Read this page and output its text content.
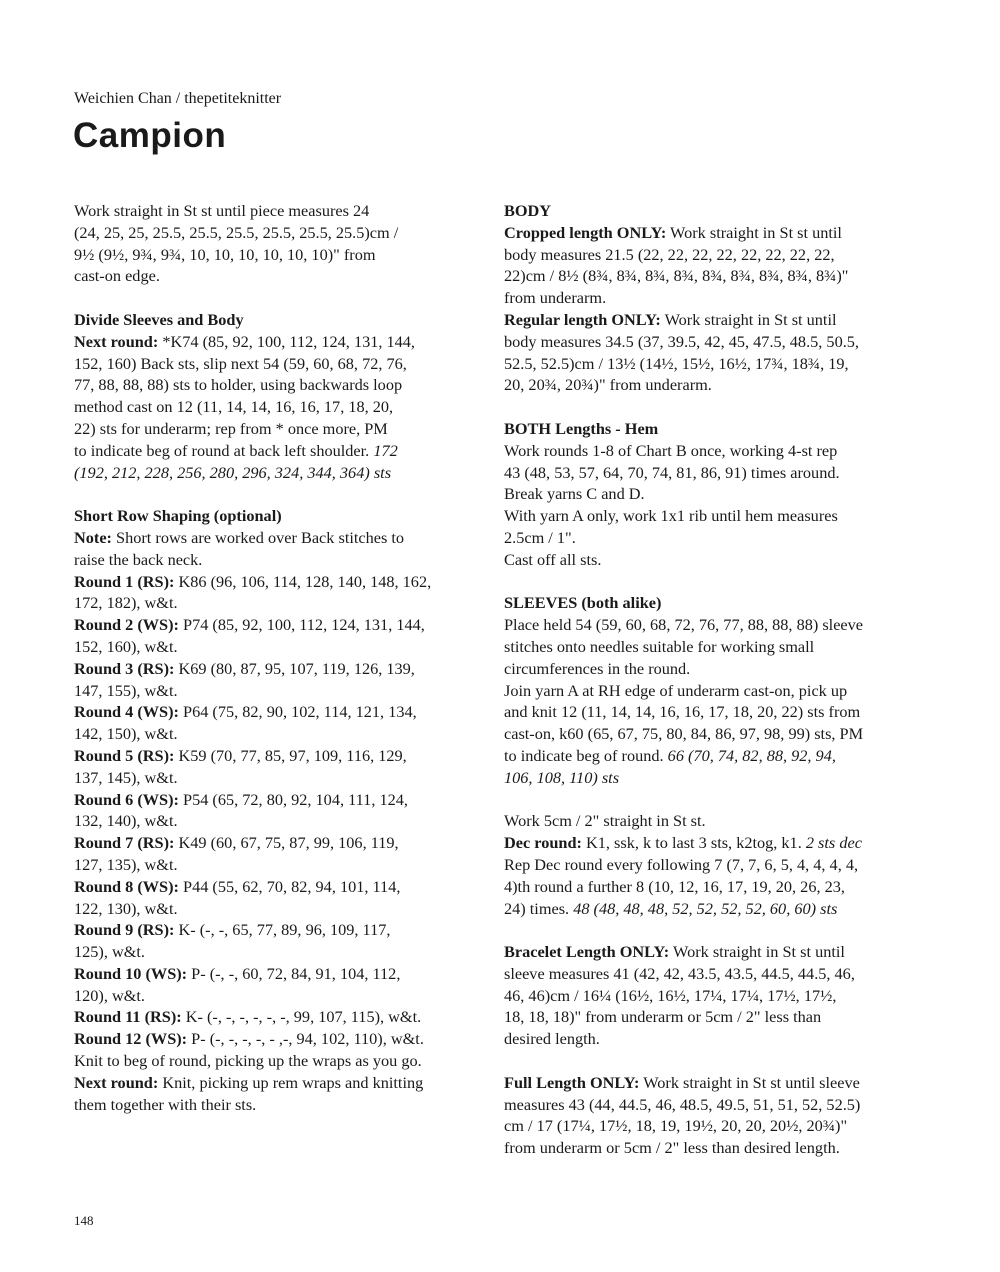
Weichien Chan / thepetiteknitter
Campion

Work straight in St st until piece measures 24
(24, 25, 25, 25.5, 25.5, 25.5, 25.5, 25.5, 25.5)cm /
9½ (9½, 9¾, 9¾, 10, 10, 10, 10, 10, 10)" from
cast-on edge.

Divide Sleeves and Body
Next round: *K74 (85, 92, 100, 112, 124, 131, 144,
152, 160) Back sts, slip next 54 (59, 60, 68, 72, 76,
77, 88, 88, 88) sts to holder, using backwards loop
method cast on 12 (11, 14, 14, 16, 16, 17, 18, 20,
22) sts for underarm; rep from * once more, PM
to indicate beg of round at back left shoulder. 172
(192, 212, 228, 256, 280, 296, 324, 344, 364) sts

Short Row Shaping (optional)
Note: Short rows are worked over Back stitches to
raise the back neck.
Round 1 (RS): K86 (96, 106, 114, 128, 140, 148, 162,
172, 182), w&t.
Round 2 (WS): P74 (85, 92, 100, 112, 124, 131, 144,
152, 160), w&t.
Round 3 (RS): K69 (80, 87, 95, 107, 119, 126, 139,
147, 155), w&t.
Round 4 (WS): P64 (75, 82, 90, 102, 114, 121, 134,
142, 150), w&t.
Round 5 (RS): K59 (70, 77, 85, 97, 109, 116, 129,
137, 145), w&t.
Round 6 (WS): P54 (65, 72, 80, 92, 104, 111, 124,
132, 140), w&t.
Round 7 (RS): K49 (60, 67, 75, 87, 99, 106, 119,
127, 135), w&t.
Round 8 (WS): P44 (55, 62, 70, 82, 94, 101, 114,
122, 130), w&t.
Round 9 (RS): K- (-, -, 65, 77, 89, 96, 109, 117,
125), w&t.
Round 10 (WS): P- (-, -, 60, 72, 84, 91, 104, 112,
120), w&t.
Round 11 (RS): K- (-, -, -, -, -, -, 99, 107, 115), w&t.
Round 12 (WS): P- (-, -, -, -, - ,-, 94, 102, 110), w&t.
Knit to beg of round, picking up the wraps as you go.
Next round: Knit, picking up rem wraps and knitting
them together with their sts.

BODY
Cropped length ONLY: Work straight in St st until
body measures 21.5 (22, 22, 22, 22, 22, 22, 22, 22,
22)cm / 8½ (8¾, 8¾, 8¾, 8¾, 8¾, 8¾, 8¾, 8¾, 8¾)"
from underarm.
Regular length ONLY: Work straight in St st until
body measures 34.5 (37, 39.5, 42, 45, 47.5, 48.5, 50.5,
52.5, 52.5)cm / 13½ (14½, 15½, 16½, 17¾, 18¾, 19,
20, 20¾, 20¾)" from underarm.

BOTH Lengths - Hem
Work rounds 1-8 of Chart B once, working 4-st rep
43 (48, 53, 57, 64, 70, 74, 81, 86, 91) times around.
Break yarns C and D.
With yarn A only, work 1x1 rib until hem measures
2.5cm / 1".
Cast off all sts.

SLEEVES (both alike)
Place held 54 (59, 60, 68, 72, 76, 77, 88, 88, 88) sleeve
stitches onto needles suitable for working small
circumferences in the round.
Join yarn A at RH edge of underarm cast-on, pick up
and knit 12 (11, 14, 14, 16, 16, 17, 18, 20, 22) sts from
cast-on, k60 (65, 67, 75, 80, 84, 86, 97, 98, 99) sts, PM
to indicate beg of round. 66 (70, 74, 82, 88, 92, 94,
106, 108, 110) sts

Work 5cm / 2" straight in St st.
Dec round: K1, ssk, k to last 3 sts, k2tog, k1. 2 sts dec
Rep Dec round every following 7 (7, 7, 6, 5, 4, 4, 4, 4,
4)th round a further 8 (10, 12, 16, 17, 19, 20, 26, 23,
24) times. 48 (48, 48, 48, 52, 52, 52, 52, 60, 60) sts

Bracelet Length ONLY: Work straight in St st until
sleeve measures 41 (42, 42, 43.5, 43.5, 44.5, 44.5, 46,
46, 46)cm / 16¼ (16½, 16½, 17¼, 17¼, 17½, 17½,
18, 18, 18)" from underarm or 5cm / 2" less than
desired length.

Full Length ONLY: Work straight in St st until sleeve
measures 43 (44, 44.5, 46, 48.5, 49.5, 51, 51, 52, 52.5)
cm / 17 (17¼, 17½, 18, 19, 19½, 20, 20, 20½, 20¾)"
from underarm or 5cm / 2" less than desired length.

148
